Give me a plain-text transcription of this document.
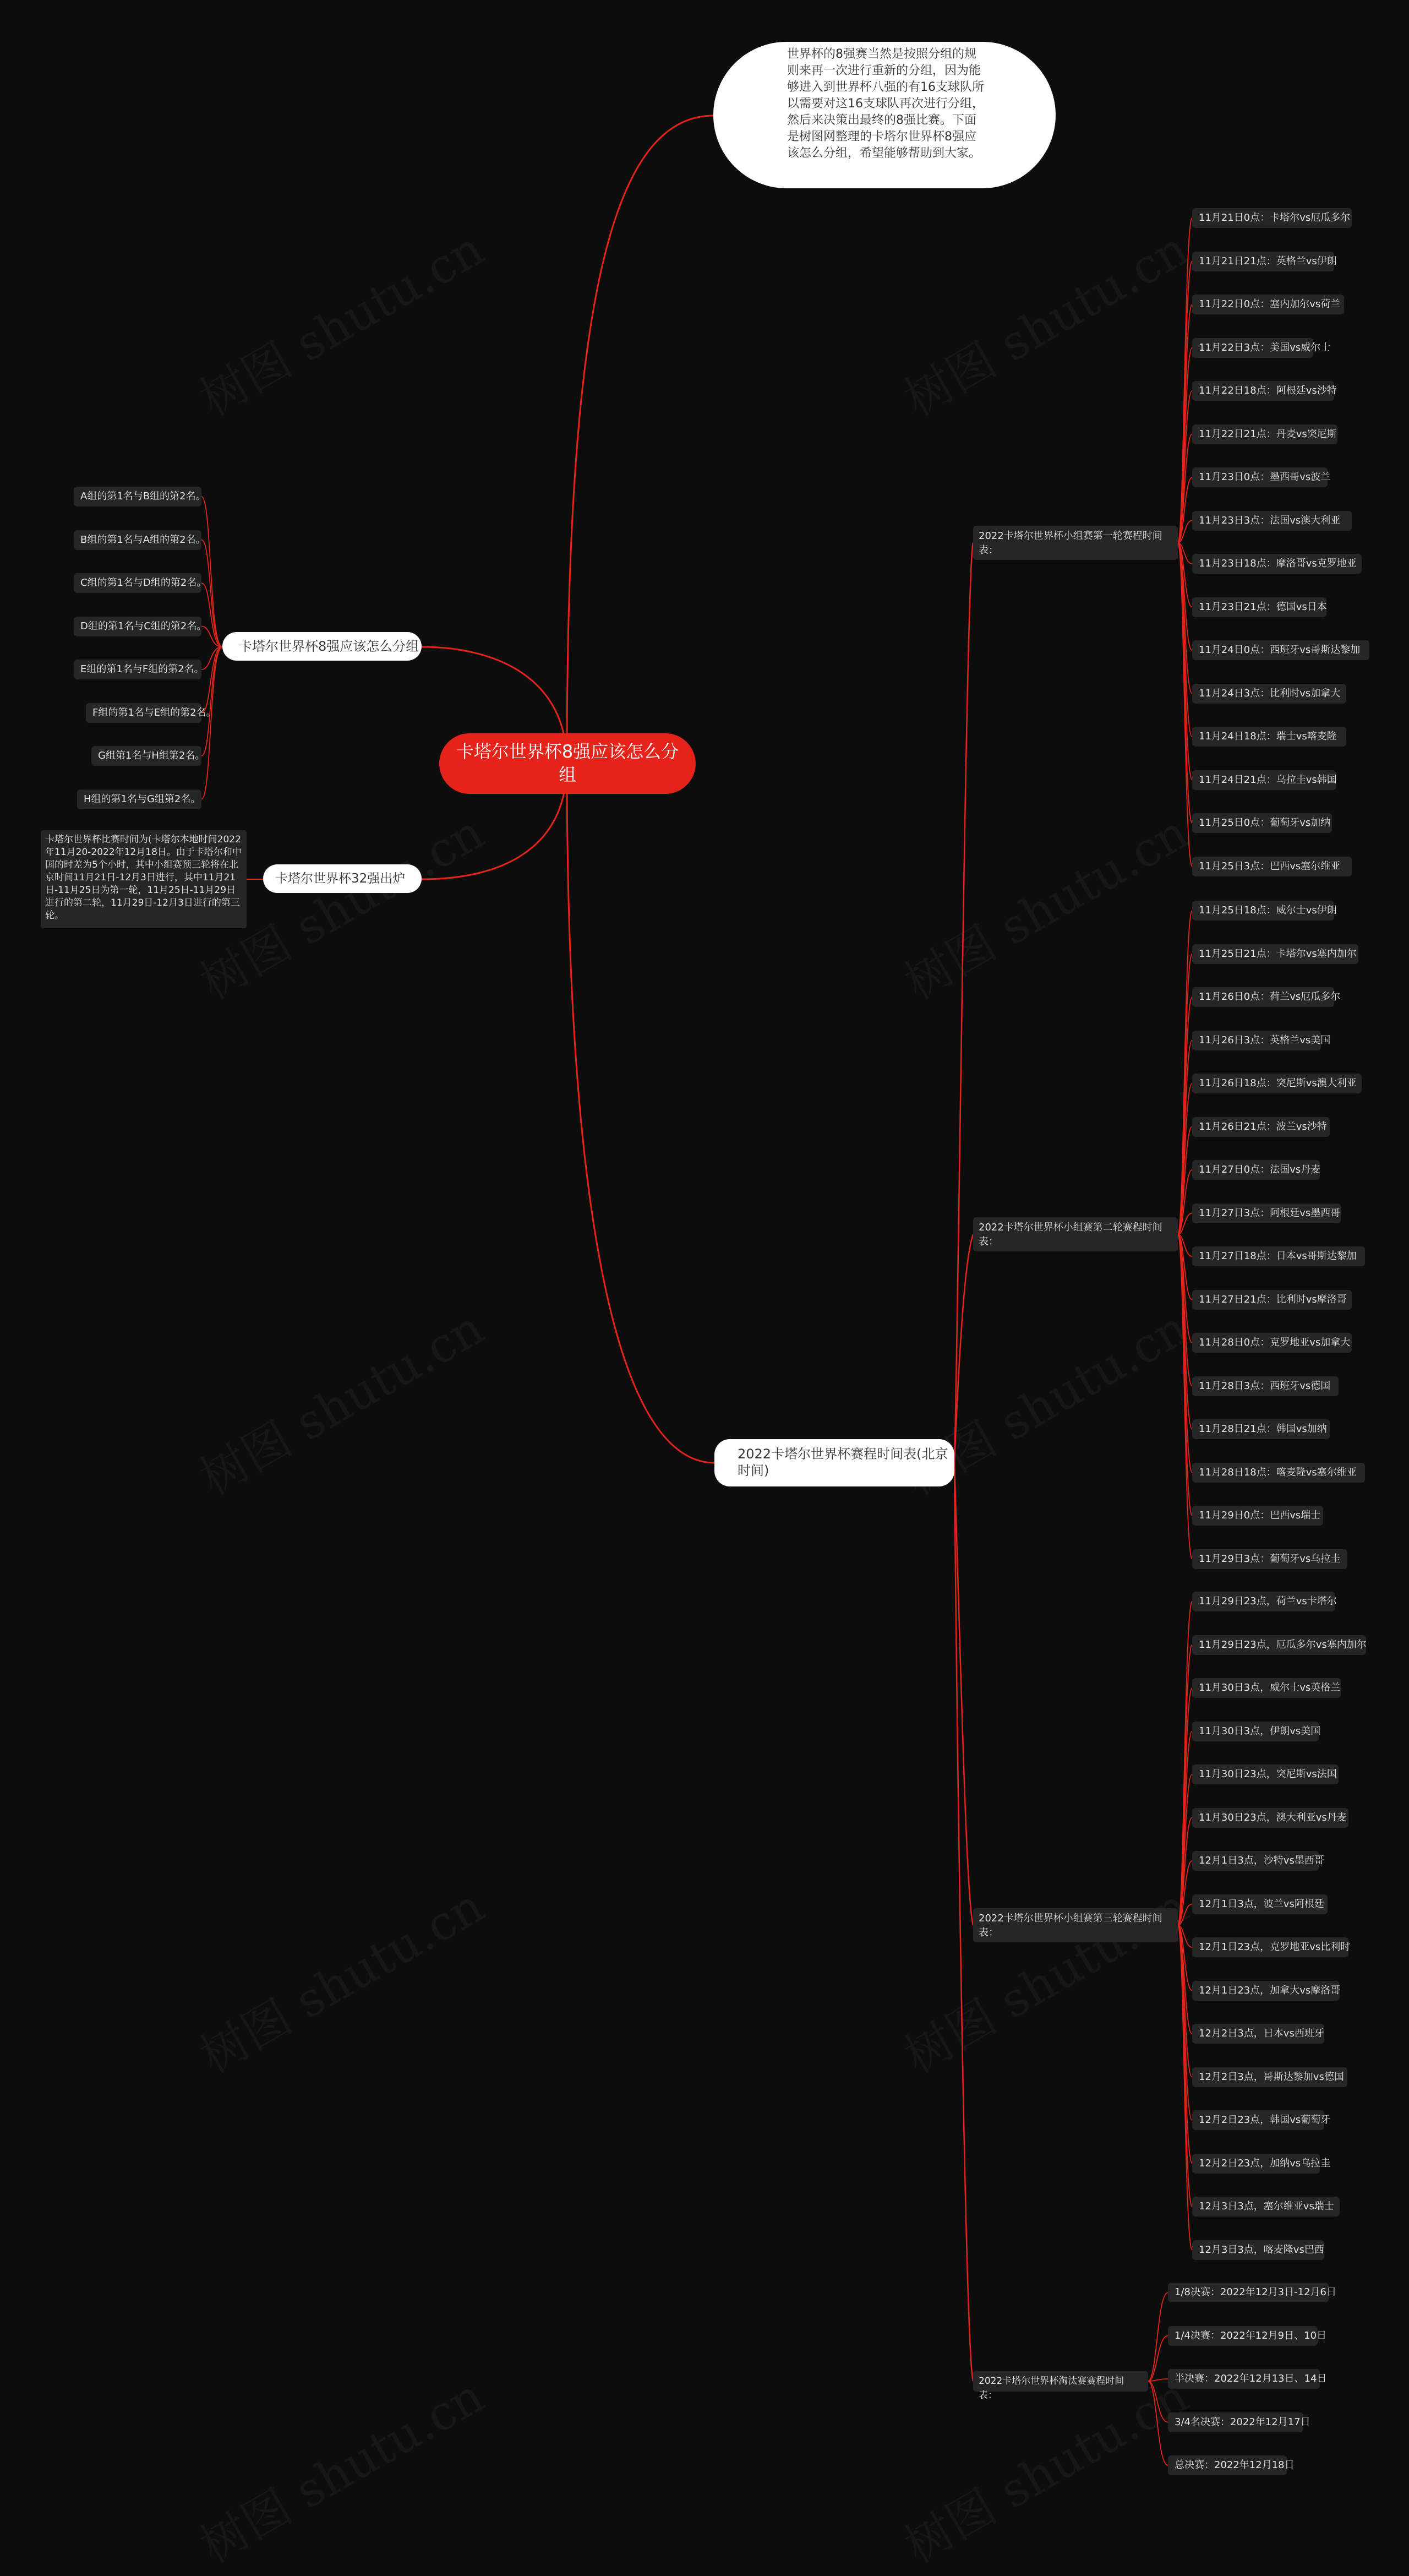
卡塔尔世界杯8强应该怎么分组
世界杯的8强赛当然是按照分组的规则来再一次进行重新的分组，因为能够进入到世界杯八强的有16支球队所以需要对这16支球队再次进行分组，然后来决策出最终的8强比赛。下面是树图网整理的卡塔尔世界杯8强应该怎么分组，希望能够帮助到大家。
卡塔尔世界杯8强应该怎么分组
卡塔尔世界杯32强出炉
卡塔尔世界杯比赛时间为(卡塔尔本地时间2022年11月20-2022年12月18日。由于卡塔尔和中国的时差为5个小时，其中小组赛预三轮将在北京时间11月21日-12月3日进行，其中11月21日-11月25日为第一轮，11月25日-11月29日进行的第二轮，11月29日-12月3日进行的第三轮。
2022卡塔尔世界杯赛程时间表(北京时间)
2022卡塔尔世界杯小组赛第一轮赛程时间表：
2022卡塔尔世界杯小组赛第二轮赛程时间表：
2022卡塔尔世界杯小组赛第三轮赛程时间表：
2022卡塔尔世界杯淘汰赛赛程时间表：
A组的第1名与B组的第2名。
B组的第1名与A组的第2名。
C组的第1名与D组的第2名。
D组的第1名与C组的第2名。
E组的第1名与F组的第2名。
F组的第1名与E组的第2名。
G组第1名与H组第2名。
H组的第1名与G组第2名。
11月21日0点：卡塔尔vs厄瓜多尔
11月21日21点：英格兰vs伊朗
11月22日0点：塞内加尔vs荷兰
11月22日3点：美国vs威尔士
11月22日18点：阿根廷vs沙特
11月22日21点：丹麦vs突尼斯
11月23日0点：墨西哥vs波兰
11月23日3点：法国vs澳大利亚
11月23日18点：摩洛哥vs克罗地亚
11月23日21点：德国vs日本
11月24日0点：西班牙vs哥斯达黎加
11月24日3点：比利时vs加拿大
11月24日18点：瑞士vs喀麦隆
11月24日21点：乌拉圭vs韩国
11月25日0点：葡萄牙vs加纳
11月25日3点：巴西vs塞尔维亚
11月25日18点：威尔士vs伊朗
11月25日21点：卡塔尔vs塞内加尔
11月26日0点：荷兰vs厄瓜多尔
11月26日3点：英格兰vs美国
11月26日18点：突尼斯vs澳大利亚
11月26日21点：波兰vs沙特
11月27日0点：法国vs丹麦
11月27日3点：阿根廷vs墨西哥
11月27日18点：日本vs哥斯达黎加
11月27日21点：比利时vs摩洛哥
11月28日0点：克罗地亚vs加拿大
11月28日3点：西班牙vs德国
11月28日21点：韩国vs加纳
11月28日18点：喀麦隆vs塞尔维亚
11月29日0点：巴西vs瑞士
11月29日3点：葡萄牙vs乌拉圭
11月29日23点，荷兰vs卡塔尔
11月29日23点，厄瓜多尔vs塞内加尔
11月30日3点，威尔士vs英格兰
11月30日3点，伊朗vs美国
11月30日23点，突尼斯vs法国
11月30日23点，澳大利亚vs丹麦
12月1日3点，沙特vs墨西哥
12月1日3点，波兰vs阿根廷
12月1日23点，克罗地亚vs比利时
12月1日23点，加拿大vs摩洛哥
12月2日3点，日本vs西班牙
12月2日3点，哥斯达黎加vs德国
12月2日23点，韩国vs葡萄牙
12月2日23点，加纳vs乌拉圭
12月3日3点，塞尔维亚vs瑞士
12月3日3点，喀麦隆vs巴西
1/8决赛：2022年12月3日-12月6日
1/4决赛：2022年12月9日、10日
半决赛：2022年12月13日、14日
3/4名决赛：2022年12月17日
总决赛：2022年12月18日
